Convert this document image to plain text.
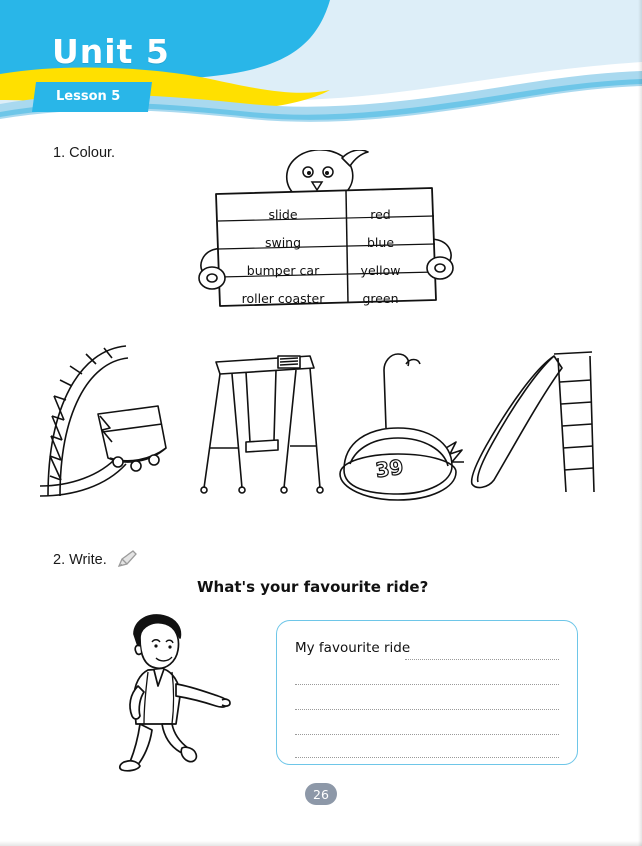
Unit 5
Lesson 5
1. Colour.
slide	red
swing	blue
bumper car	yellow
roller coaster	green
39
2. Write.
What's your favourite ride?
My favourite ride
26
